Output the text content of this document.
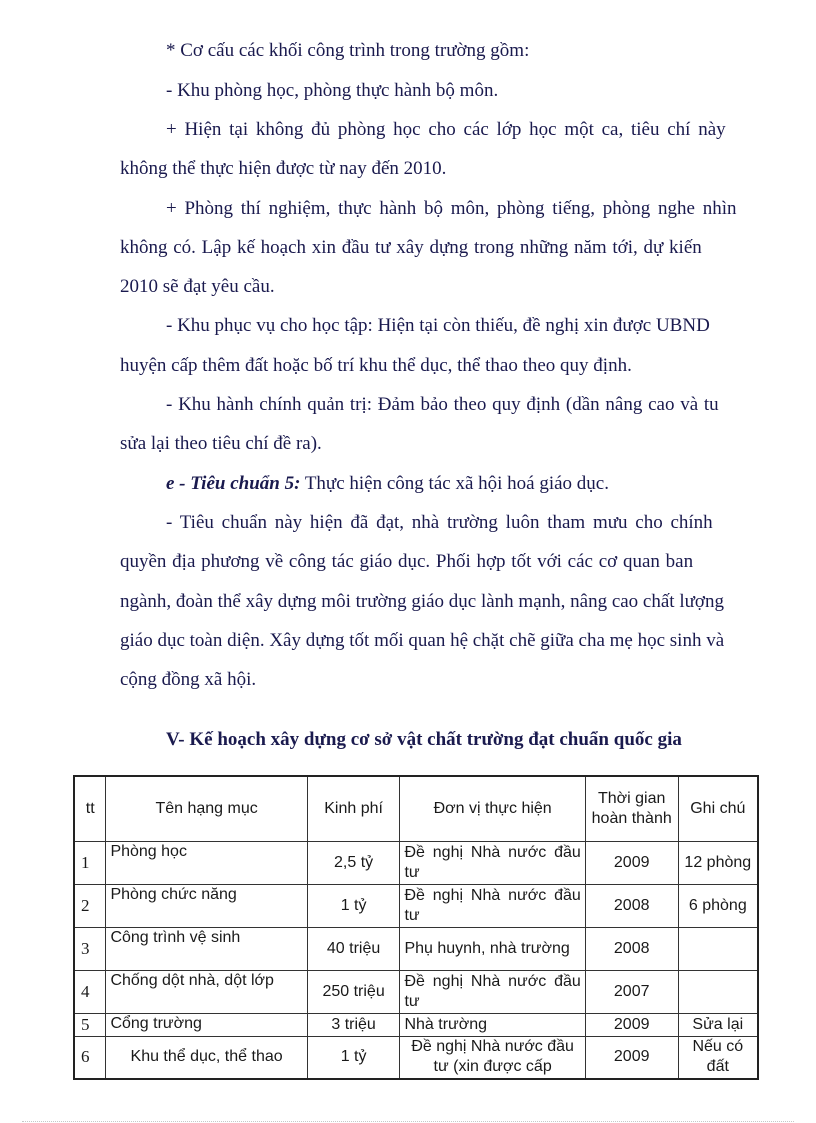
* Cơ cấu các khối công trình trong trường gồm:
- Khu phòng học, phòng thực hành bộ môn.
+ Hiện tại không đủ phòng học cho các lớp học một ca, tiêu chí này
không thể thực hiện được từ nay đến 2010.
+ Phòng thí nghiệm, thực hành bộ môn, phòng tiếng, phòng nghe nhìn
không có. Lập kế hoạch xin đầu tư xây dựng trong những năm tới, dự kiến
2010 sẽ đạt yêu cầu.
- Khu phục vụ cho học tập: Hiện tại còn thiếu, đề nghị xin được UBND
huyện cấp thêm đất hoặc bố trí khu thể dục, thể thao theo quy định.
- Khu hành chính quản trị: Đảm bảo theo quy định (dần nâng cao và tu
sửa lại theo tiêu chí đề ra).
e - Tiêu chuẩn 5: Thực hiện công tác xã hội hoá giáo dục.
- Tiêu chuẩn này hiện đã đạt, nhà trường luôn tham mưu cho chính
quyền địa phương về công tác giáo dục. Phối hợp tốt với các cơ quan ban
ngành, đoàn thể xây dựng môi trường giáo dục lành mạnh, nâng cao chất lượng
giáo dục toàn diện. Xây dựng tốt mối quan hệ chặt chẽ giữa cha mẹ học sinh và
cộng đồng xã hội.
V- Kế hoạch xây dựng cơ sở vật chất trường đạt chuẩn quốc gia
tt	Tên hạng mục	Kinh phí	Đơn vị thực hiện	Thời gian hoàn thành	Ghi chú
1	Phòng học	2,5 tỷ	Đề nghị Nhà nước đầu tư	2009	12 phòng
2	Phòng chức năng	1 tỷ	Đề nghị Nhà nước đầu tư	2008	6 phòng
3	Công trình vệ sinh	40 triệu	Phụ huynh, nhà trường	2008	
4	Chống dột nhà, dột lớp	250 triệu	Đề nghị Nhà nước đầu tư	2007	
5	Cổng trường	3 triệu	Nhà trường	2009	Sửa lại
6	Khu thể dục, thể thao	1 tỷ	Đề nghị Nhà nước đầu tư (xin được cấp	2009	Nếu có đất
